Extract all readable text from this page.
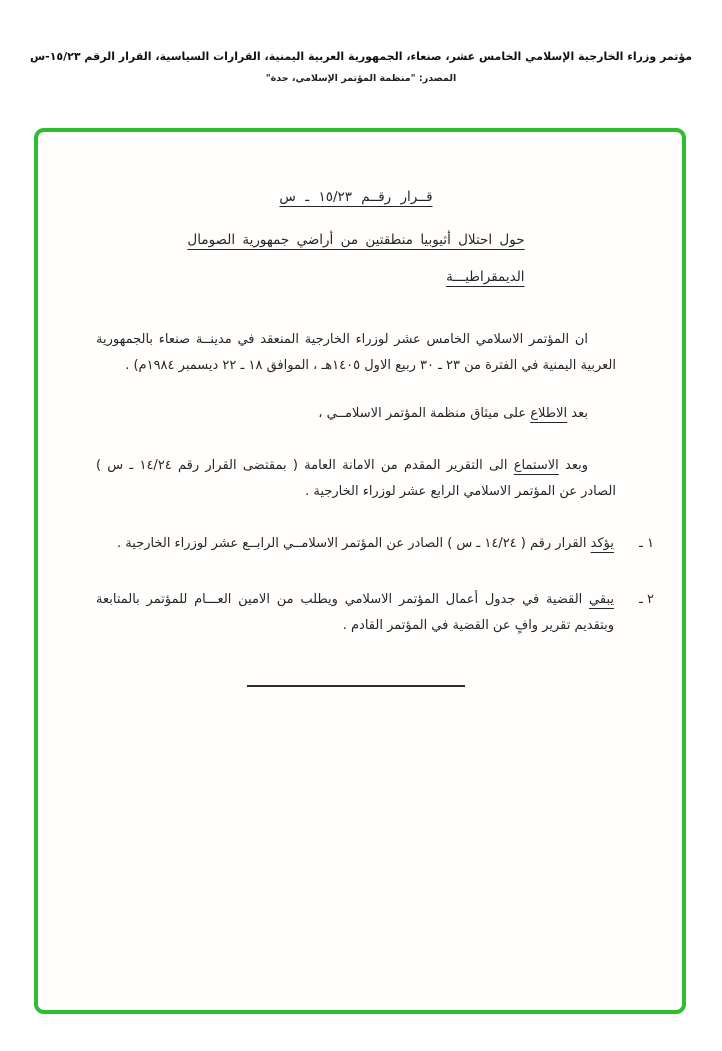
مؤتمر وزراء الخارجية الإسلامي الخامس عشر، صنعاء، الجمهورية العربية اليمنية، القرارات السياسية، القرار الرقم ١٥/٢٣-س
المصدر: "منظمة المؤتمر الإسلامي، جدة"
قــرار رقــم ١٥/٢٣ ـ س
حول احتلال أثيوبيا منطقتين من أراضي جمهورية الصومال
الديمقراطيـــة

ان المؤتمر الاسلامي الخامس عشر لوزراء الخارجية المنعقد في مدينــة صنعاء بالجمهورية العربية اليمنية في الفترة من ٢٣ ـ ٣٠ ربيع الاول ١٤٠٥هـ ، الموافق ١٨ ـ ٢٢ ديسمبر ١٩٨٤م) .

بعد الاطلاع على ميثاق منظمة المؤتمر الاسلامــي ،

وبعد الاستماع الى التقرير المقدم من الامانة العامة ( بمقتضى القرار رقم ١٤/٢٤ ـ س ) الصادر عن المؤتمر الاسلامي الرابع عشر لوزراء الخارجية .

١ ـ

يؤكد القرار رقم ( ١٤/٢٤ ـ س ) الصادر عن المؤتمر الاسلامــي الرابــع عشر لوزراء الخارجية .

٢ ـ

يبقي القضية في جدول أعمال المؤتمر الاسلامي ويطلب من الامين العـــام للمؤتمر بالمتابعة وبتقديم تقرير وافٍ عن القضية في المؤتمر القادم .
